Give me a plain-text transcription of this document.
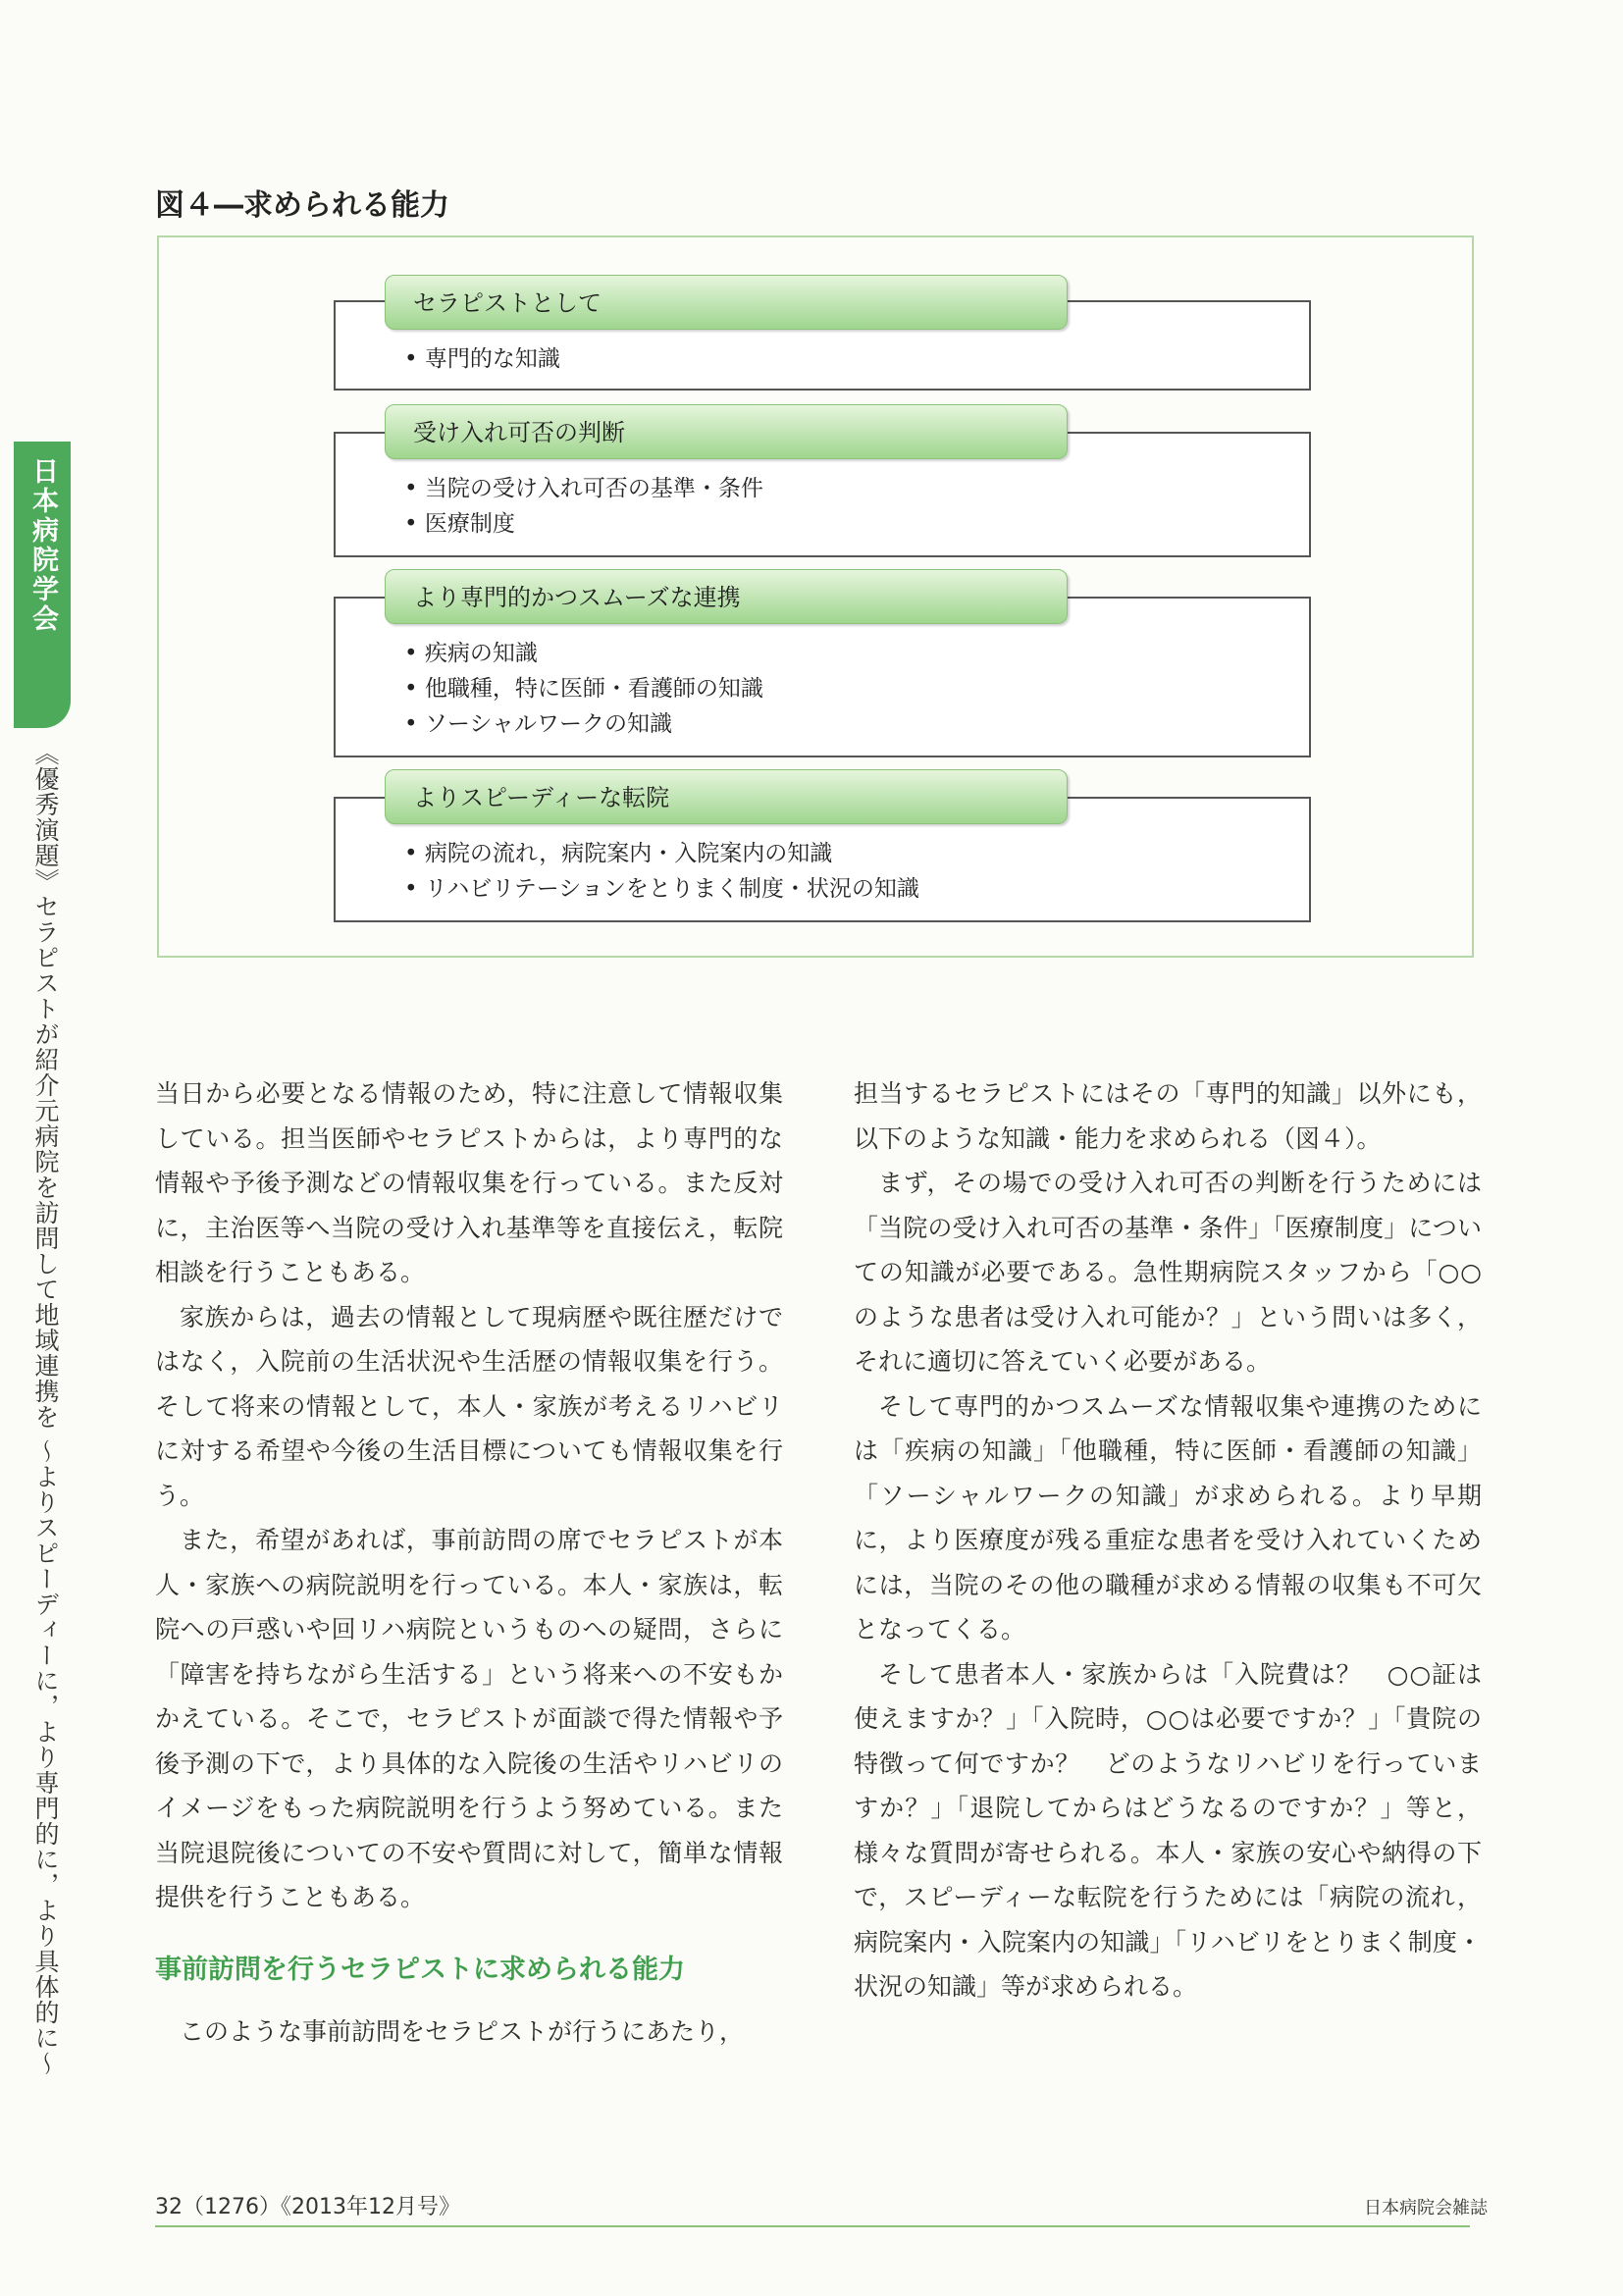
日本病院学会
《優秀演題》セラピストが紹介元病院を訪問して地域連携を ～よりスピーディーに，より専門的に，より具体的に～
図４―求められる能力
セラピストとして
• 専門的な知識
受け入れ可否の判断
• 当院の受け入れ可否の基準・条件
• 医療制度
より専門的かつスムーズな連携
• 疾病の知識
• 他職種，特に医師・看護師の知識
• ソーシャルワークの知識
よりスピーディーな転院
• 病院の流れ，病院案内・入院案内の知識
• リハビリテーションをとりまく制度・状況の知識

当日から必要となる情報のため，特に注意して情報収集している。担当医師やセラピストからは，より専門的な情報や予後予測などの情報収集を行っている。また反対に，主治医等へ当院の受け入れ基準等を直接伝え，転院相談を行うこともある。

家族からは，過去の情報として現病歴や既往歴だけではなく，入院前の生活状況や生活歴の情報収集を行う。そして将来の情報として，本人・家族が考えるリハビリに対する希望や今後の生活目標についても情報収集を行う。

また，希望があれば，事前訪問の席でセラピストが本人・家族への病院説明を行っている。本人・家族は，転院への戸惑いや回リハ病院というものへの疑問，さらに「障害を持ちながら生活する」という将来への不安もかかえている。そこで，セラピストが面談で得た情報や予後予測の下で，より具体的な入院後の生活やリハビリのイメージをもった病院説明を行うよう努めている。また当院退院後についての不安や質問に対して，簡単な情報提供を行うこともある。

事前訪問を行うセラピストに求められる能力

このような事前訪問をセラピストが行うにあたり，

担当するセラピストにはその「専門的知識」以外にも，以下のような知識・能力を求められる（図４）。

まず，その場での受け入れ可否の判断を行うためには「当院の受け入れ可否の基準・条件」「医療制度」についての知識が必要である。急性期病院スタッフから「○○のような患者は受け入れ可能か？」という問いは多く，それに適切に答えていく必要がある。

そして専門的かつスムーズな情報収集や連携のためには「疾病の知識」「他職種，特に医師・看護師の知識」「ソーシャルワークの知識」が求められる。より早期に，より医療度が残る重症な患者を受け入れていくためには，当院のその他の職種が求める情報の収集も不可欠となってくる。

そして患者本人・家族からは「入院費は？　○○証は使えますか？」「入院時，○○は必要ですか？」「貴院の特徴って何ですか？　どのようなリハビリを行っていますか？」「退院してからはどうなるのですか？」等と，様々な質問が寄せられる。本人・家族の安心や納得の下で，スピーディーな転院を行うためには「病院の流れ，病院案内・入院案内の知識」「リハビリをとりまく制度・状況の知識」等が求められる。

32（1276）《2013年12月号》	日本病院会雑誌
